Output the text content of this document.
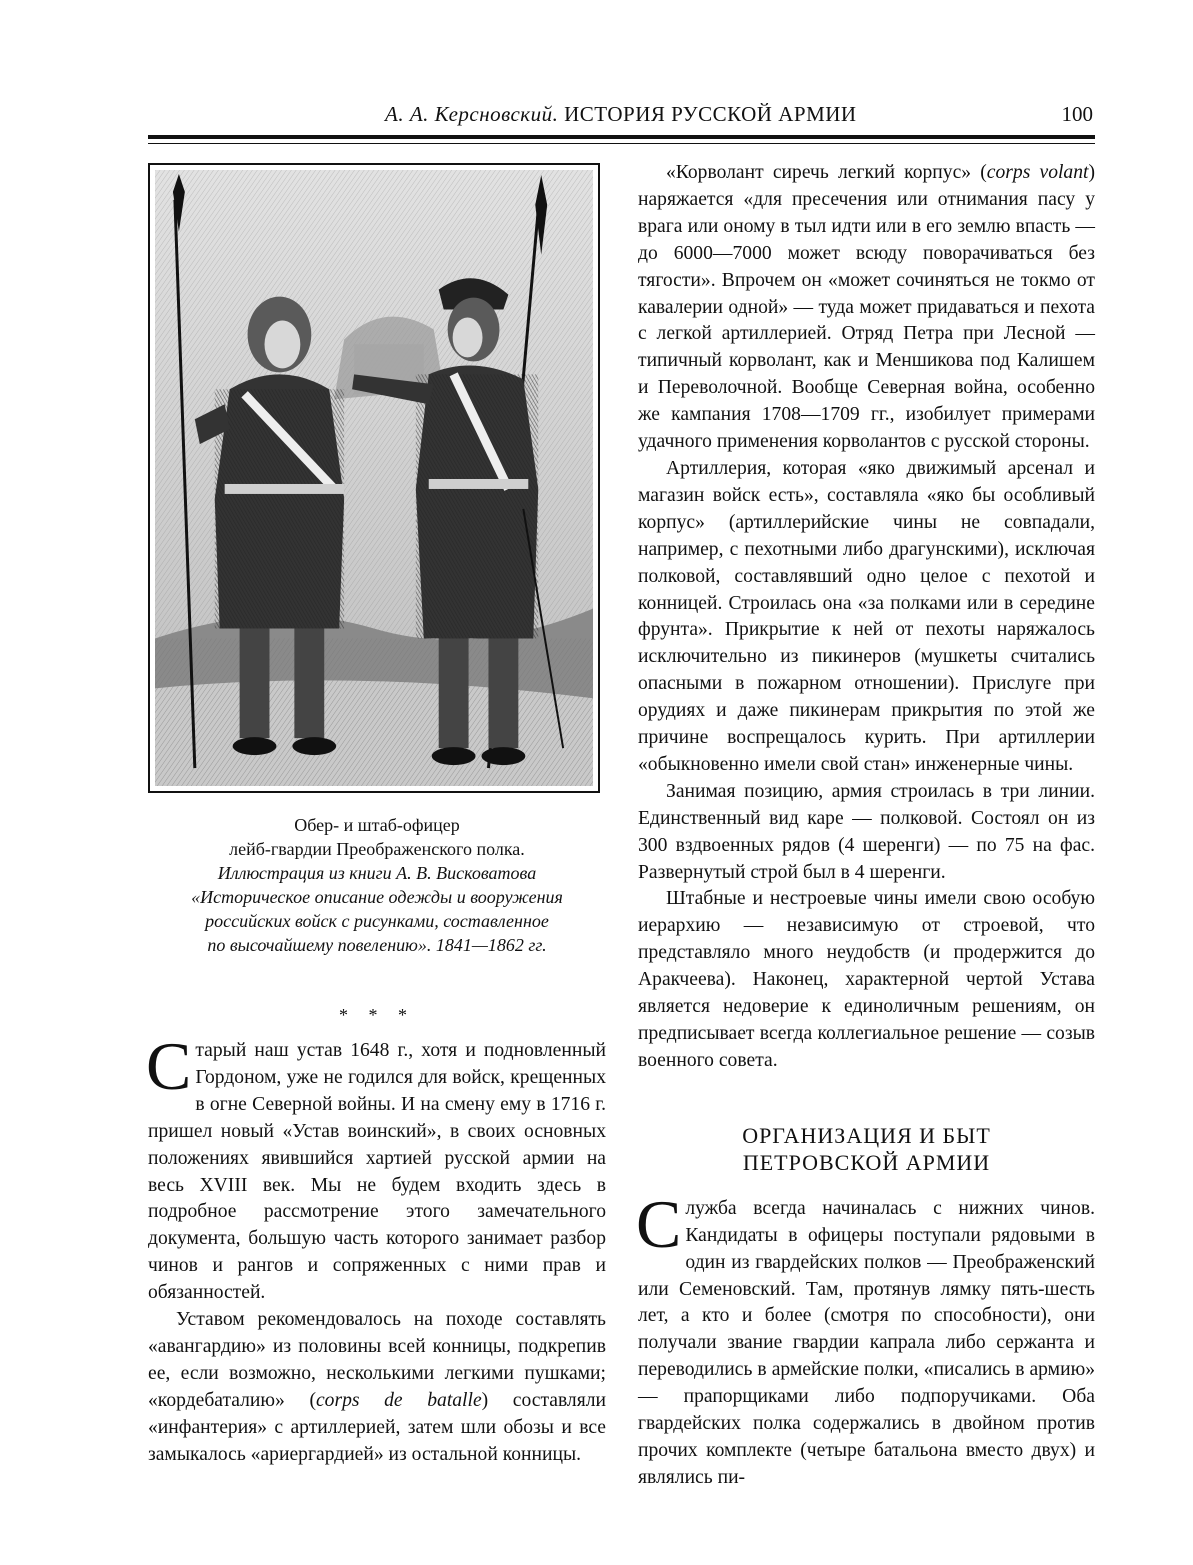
А. А. Керсновский. ИСТОРИЯ РУССКОЙ АРМИИ	100
Обер- и штаб-офицер
лейб-гвардии Преображенского полка.
Иллюстрация из книги А. В. Висковатова
«Историческое описание одежды и вооружения
российских войск с рисунками, составленное
по высочайшему повелению». 1841—1862 гг.
* * *

Старый наш устав 1648 г., хотя и подновленный Гордоном, уже не годился для войск, крещенных в огне Северной войны. И на смену ему в 1716 г. пришел новый «Устав воинский», в своих основных положениях явившийся хартией русской армии на весь XVIII век. Мы не будем входить здесь в подробное рассмотрение этого замечательного документа, большую часть которого занимает разбор чинов и рангов и сопряженных с ними прав и обязанностей.

Уставом рекомендовалось на походе составлять «авангардию» из половины всей конницы, подкрепив ее, если возможно, несколькими легкими пушками; «кордебаталию» (corps de batalle) составляли «инфантерия» с артиллерией, затем шли обозы и все замыкалось «ариергардией» из остальной конницы.

«Корволант сиречь легкий корпус» (corps volant) наряжается «для пресечения или отнимания пасу у врага или оному в тыл идти или в его землю впасть — до 6000—7000 может всюду поворачиваться без тягости». Впрочем он «может сочиняться не токмо от кавалерии одной» — туда может придаваться и пехота с легкой артиллерией. Отряд Петра при Лесной — типичный корволант, как и Меншикова под Калишем и Переволочной. Вообще Северная война, особенно же кампания 1708—1709 гг., изобилует примерами удачного применения корволантов с русской стороны.

Артиллерия, которая «яко движимый арсенал и магазин войск есть», составляла «яко бы особливый корпус» (артиллерийские чины не совпадали, например, с пехотными либо драгунскими), исключая полковой, составлявший одно целое с пехотой и конницей. Строилась она «за полками или в середине фрунта». Прикрытие к ней от пехоты наряжалось исключительно из пикинеров (мушкеты считались опасными в пожарном отношении). Прислуге при орудиях и даже пикинерам прикрытия по этой же причине воспрещалось курить. При артиллерии «обыкновенно имели свой стан» инженерные чины.

Занимая позицию, армия строилась в три линии. Единственный вид каре — полковой. Состоял он из 300 вздвоенных рядов (4 шеренги) — по 75 на фас. Развернутый строй был в 4 шеренги.

Штабные и нестроевые чины имели свою особую иерархию — независимую от строевой, что представляло много неудобств (и продержится до Аракчеева). Наконец, характерной чертой Устава является недоверие к единоличным решениям, он предписывает всегда коллегиальное решение — созыв военного совета.

ОРГАНИЗАЦИЯ И БЫТ
ПЕТРОВСКОЙ АРМИИ

Служба всегда начиналась с нижних чинов. Кандидаты в офицеры поступали рядовыми в один из гвардейских полков — Преображенский или Семеновский. Там, протянув лямку пять-шесть лет, а кто и более (смотря по способности), они получали звание гвардии капрала либо сержанта и переводились в армейские полки, «писались в армию» — прапорщиками либо подпоручиками. Оба гвардейских полка содержались в двойном против прочих комплекте (четыре батальона вместо двух) и являлись пи-
